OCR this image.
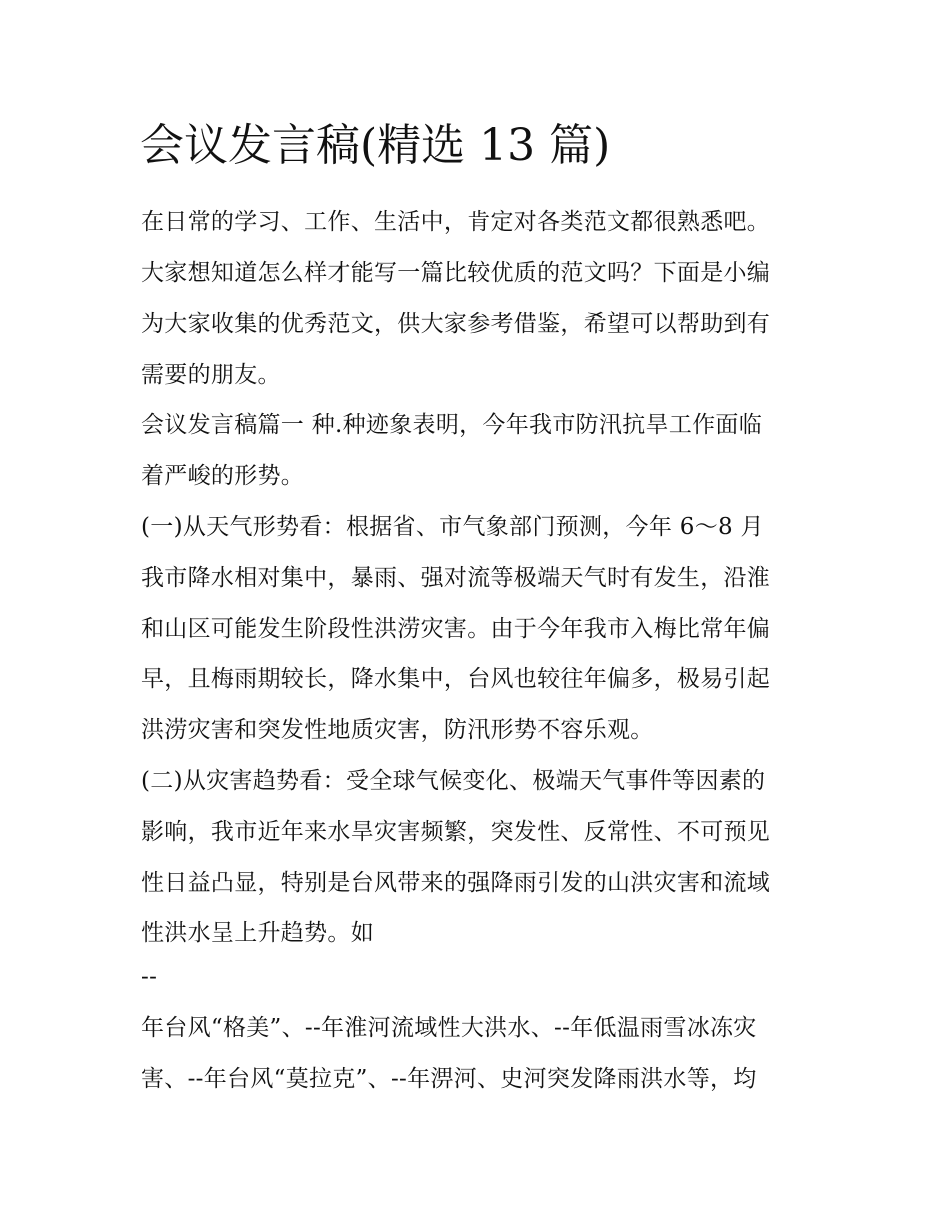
会议发言稿(精选 13 篇)

在日常的学习、工作、生活中，肯定对各类范文都很熟悉吧。

大家想知道怎么样才能写一篇比较优质的范文吗？下面是小编

为大家收集的优秀范文，供大家参考借鉴，希望可以帮助到有

需要的朋友。

会议发言稿篇一 种.种迹象表明，今年我市防汛抗旱工作面临

着严峻的形势。

(一)从天气形势看：根据省、市气象部门预测，今年 6～8 月

我市降水相对集中，暴雨、强对流等极端天气时有发生，沿淮

和山区可能发生阶段性洪涝灾害。由于今年我市入梅比常年偏

早，且梅雨期较长，降水集中，台风也较往年偏多，极易引起

洪涝灾害和突发性地质灾害，防汛形势不容乐观。

(二)从灾害趋势看：受全球气候变化、极端天气事件等因素的

影响，我市近年来水旱灾害频繁，突发性、反常性、不可预见

性日益凸显，特别是台风带来的强降雨引发的山洪灾害和流域

性洪水呈上升趋势。如

--

年台风“格美”、--年淮河流域性大洪水、--年低温雨雪冰冻灾

害、--年台风“莫拉克”、--年淠河、史河突发降雨洪水等，均
